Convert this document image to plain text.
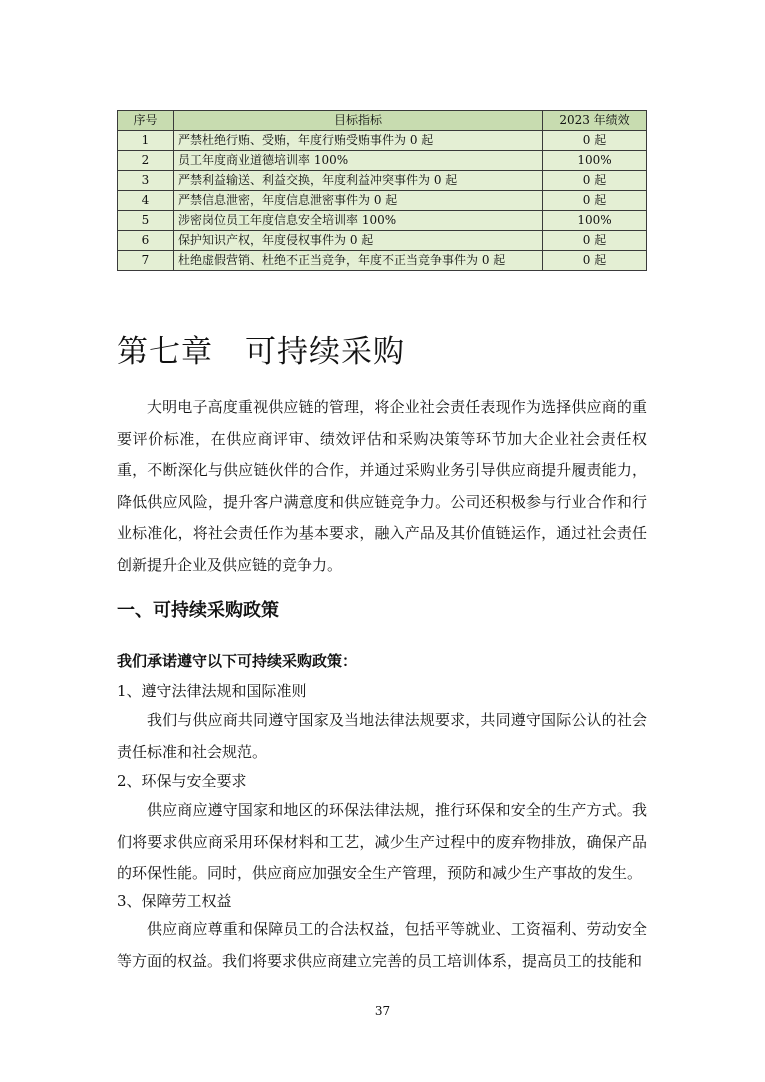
序号	目标指标	2023 年绩效
1	严禁杜绝行贿、受贿，年度行贿受贿事件为 0 起	0 起
2	员工年度商业道德培训率 100%	100%
3	严禁利益输送、利益交换，年度利益冲突事件为 0 起	0 起
4	严禁信息泄密，年度信息泄密事件为 0 起	0 起
5	涉密岗位员工年度信息安全培训率 100%	100%
6	保护知识产权，年度侵权事件为 0 起	0 起
7	杜绝虚假营销、杜绝不正当竞争，年度不正当竞争事件为 0 起	0 起
第七章　可持续采购

大明电子高度重视供应链的管理，将企业社会责任表现作为选择供应商的重要评价标准，在供应商评审、绩效评估和采购决策等环节加大企业社会责任权重，不断深化与供应链伙伴的合作，并通过采购业务引导供应商提升履责能力，降低供应风险，提升客户满意度和供应链竞争力。公司还积极参与行业合作和行业标准化，将社会责任作为基本要求，融入产品及其价值链运作，通过社会责任创新提升企业及供应链的竞争力。

一、可持续采购政策

我们承诺遵守以下可持续采购政策：

1、遵守法律法规和国际准则

我们与供应商共同遵守国家及当地法律法规要求，共同遵守国际公认的社会责任标准和社会规范。

2、环保与安全要求

供应商应遵守国家和地区的环保法律法规，推行环保和安全的生产方式。我们将要求供应商采用环保材料和工艺，减少生产过程中的废弃物排放，确保产品的环保性能。同时，供应商应加强安全生产管理，预防和减少生产事故的发生。

3、保障劳工权益

供应商应尊重和保障员工的合法权益，包括平等就业、工资福利、劳动安全等方面的权益。我们将要求供应商建立完善的员工培训体系，提高员工的技能和

37
